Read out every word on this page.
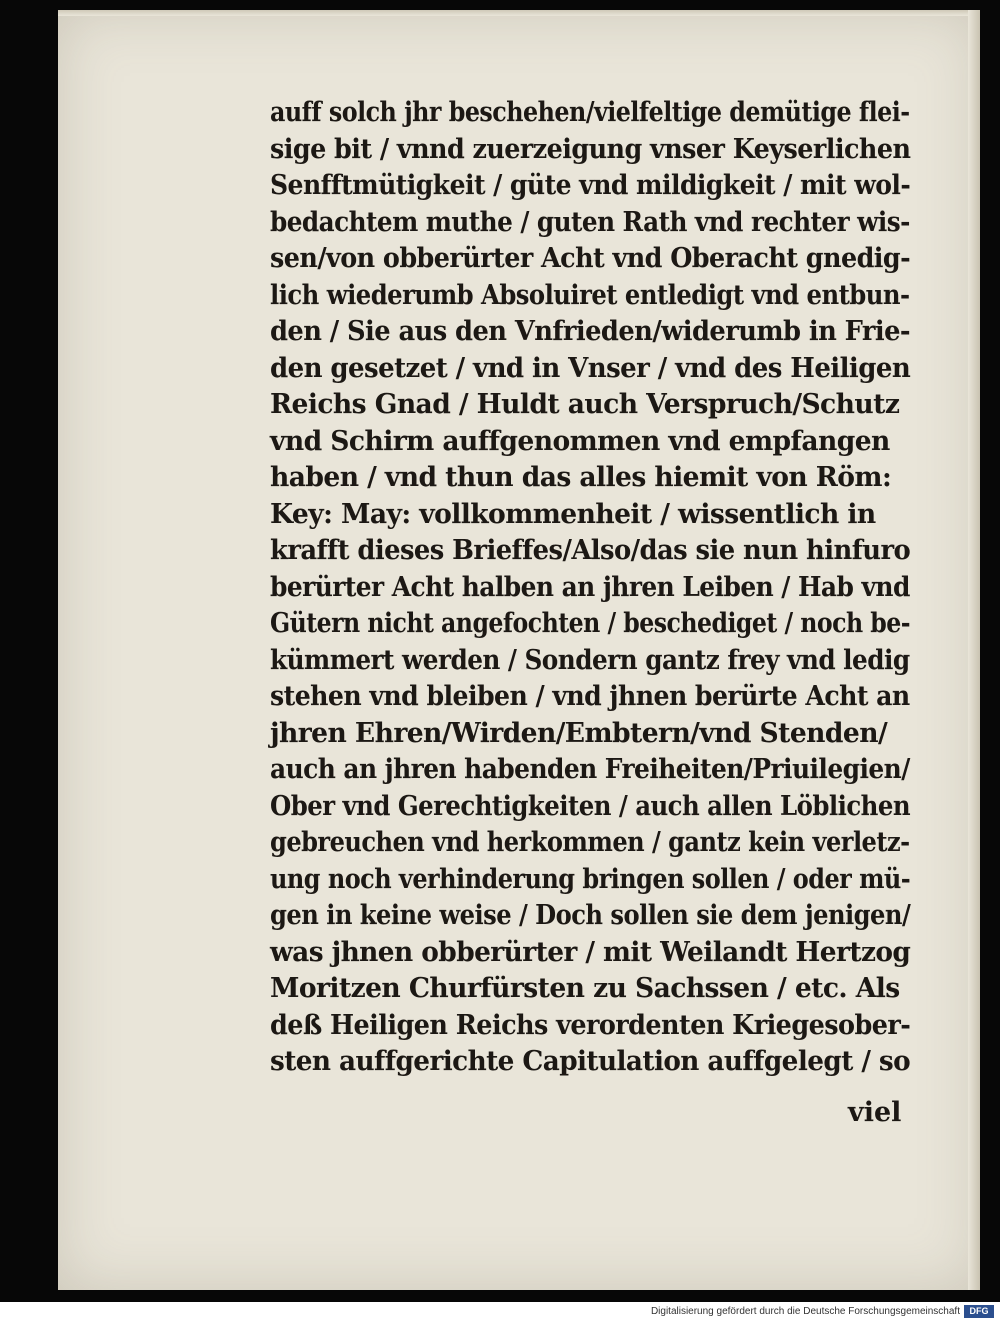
auff solch jhr beschehen/vielfeltige demütige flei-
sige bit / vnnd zuerzeigung vnser Keyserlichen
Senfftmütigkeit / güte vnd mildigkeit / mit wol-
bedachtem muthe / guten Rath vnd rechter wis-
sen/von obberürter Acht vnd Oberacht gnedig-
lich wiederumb Absoluiret entledigt vnd entbun-
den / Sie aus den Vnfrieden/widerumb in Frie-
den gesetzet / vnd in Vnser / vnd des Heiligen
Reichs Gnad / Huldt auch Verspruch/Schutz
vnd Schirm auffgenommen vnd empfangen
haben / vnd thun das alles hiemit von Röm:
Key: May: vollkommenheit / wissentlich in
krafft dieses Brieffes/Also/das sie nun hinfuro
berürter Acht halben an jhren Leiben / Hab vnd
Gütern nicht angefochten / beschediget / noch be-
kümmert werden / Sondern gantz frey vnd ledig
stehen vnd bleiben / vnd jhnen berürte Acht an
jhren Ehren/Wirden/Embtern/vnd Stenden/
auch an jhren habenden Freiheiten/Priuilegien/
Ober vnd Gerechtigkeiten / auch allen Löblichen
gebreuchen vnd herkommen / gantz kein verletz-
ung noch verhinderung bringen sollen / oder mü-
gen in keine weise / Doch sollen sie dem jenigen/
was jhnen obberürter / mit Weilandt Hertzog
Moritzen Churfürsten zu Sachssen / etc. Als
deß Heiligen Reichs verordenten Kriegesober-
sten auffgerichte Capitulation auffgelegt / so
viel
Digitalisierung gefördert durch die Deutsche Forschungsgemeinschaft	DFG
